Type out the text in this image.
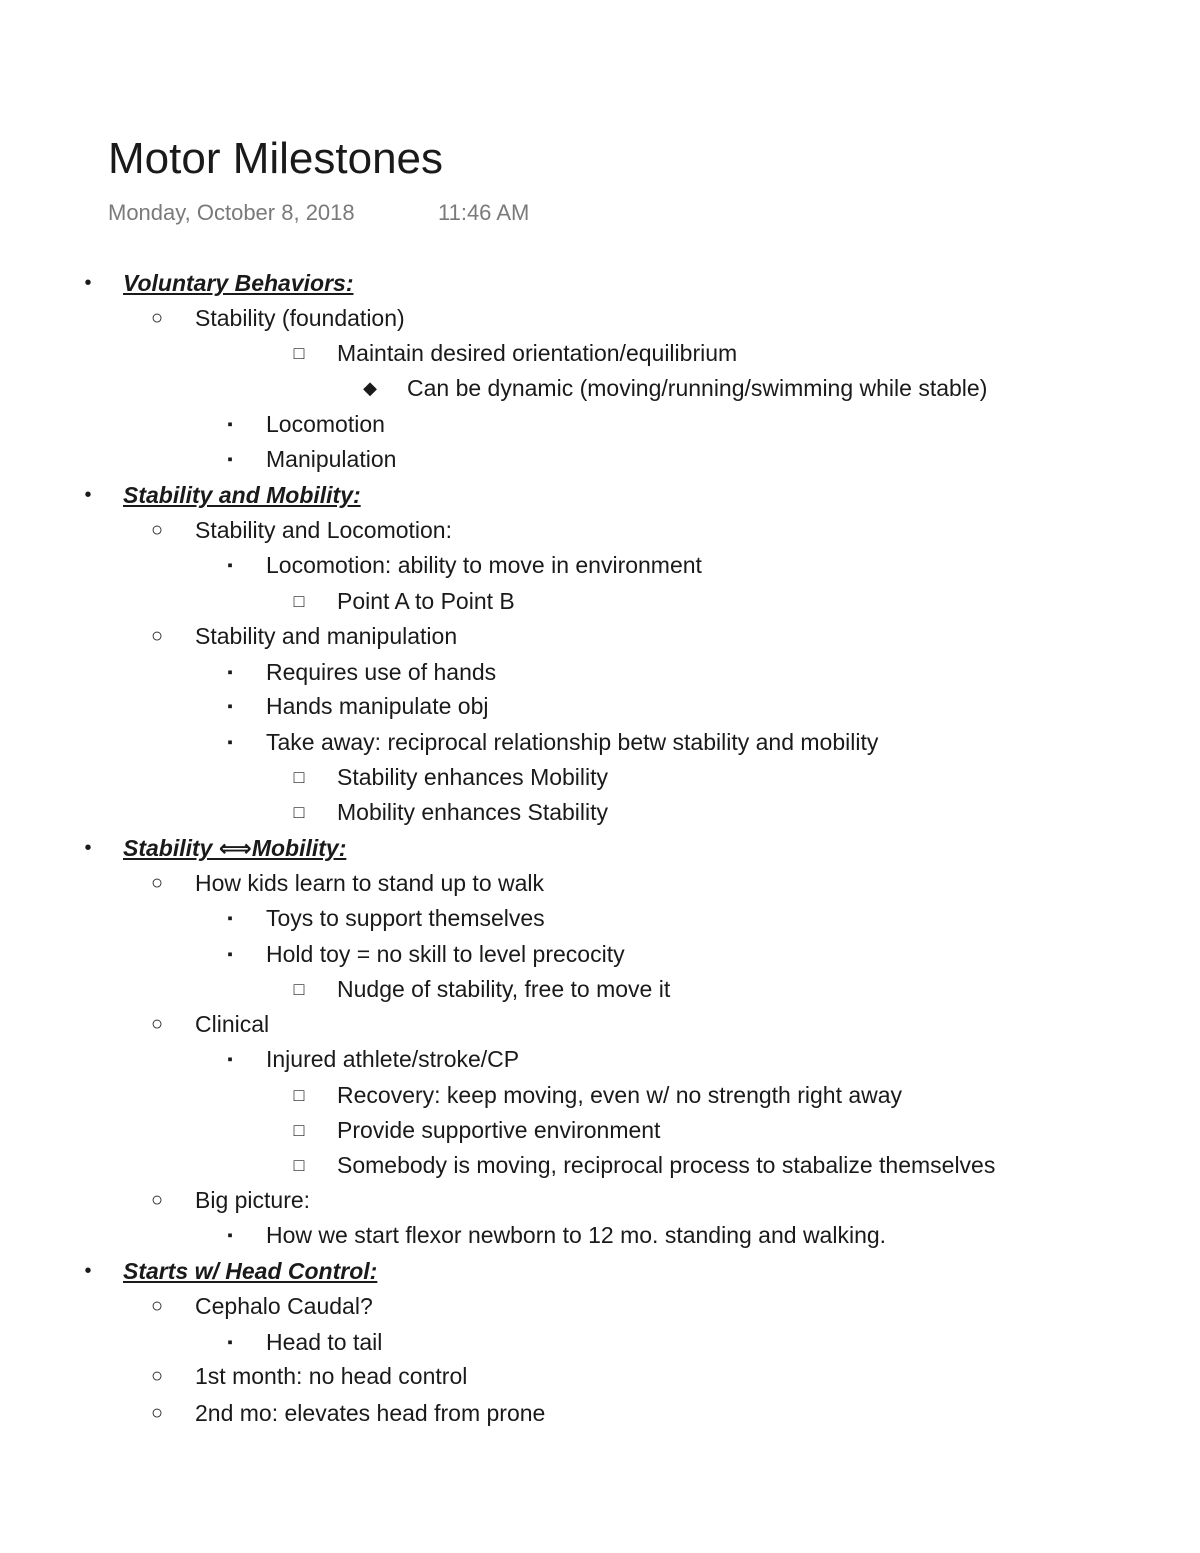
Motor Milestones
Monday, October 8, 2018	11:46 AM
•	Voluntary Behaviors:
○ Stability (foundation)
□ Maintain desired orientation/equilibrium
◆ Can be dynamic (moving/running/swimming while stable)
▪	Locomotion
▪	Manipulation
•	Stability and Mobility:
○ Stability and Locomotion:
▪	Locomotion: ability to move in environment
□ Point A to Point B
○ Stability and manipulation
▪	Requires use of hands
▪	Hands manipulate obj
▪	Take away: reciprocal relationship betw stability and mobility
□ Stability enhances Mobility
□ Mobility enhances Stability
•	Stability ⟺Mobility:
○ How kids learn to stand up to walk
▪	Toys to support themselves
▪	Hold toy = no skill to level precocity
□ Nudge of stability, free to move it
○ Clinical
▪	Injured athlete/stroke/CP
□ Recovery: keep moving, even w/ no strength right away
□ Provide supportive environment
□ Somebody is moving, reciprocal process to stabalize themselves
○ Big picture:
▪	How we start flexor newborn to 12 mo. standing and walking.
•	Starts w/ Head Control:
○ Cephalo Caudal?
▪	Head to tail
○ 1st month: no head control
○ 2nd mo: elevates head from prone
